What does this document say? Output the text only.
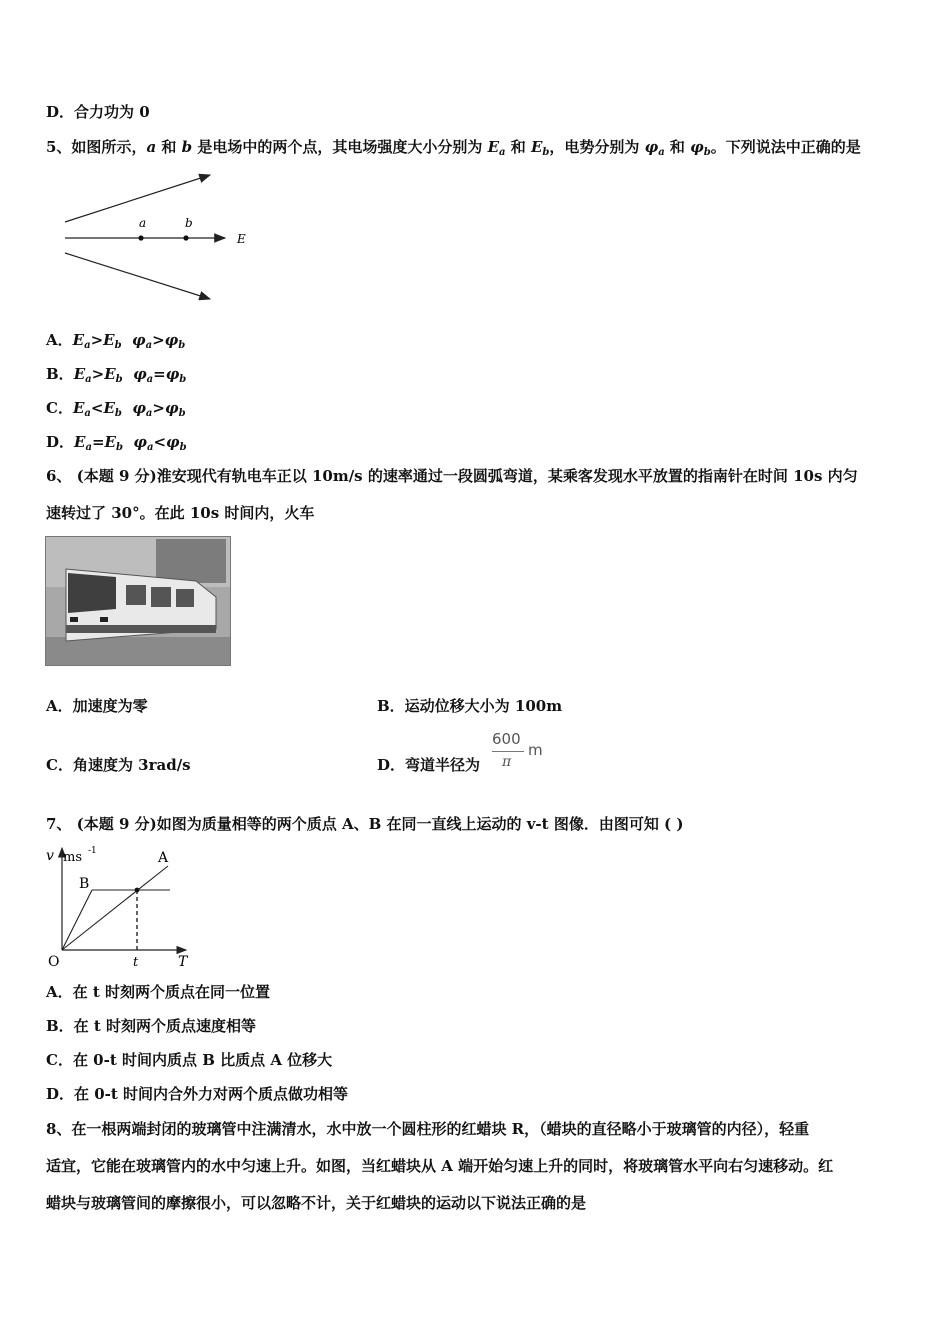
D．合力功为 0
5、如图所示，a 和 b 是电场中的两个点，其电场强度大小分别为 $E_a$ 和 $E_b$，电势分别为 $\varphi_a$ 和 $\varphi_b$。下列说法中正确的是
a	b
E
A．$E_a>E_b$ $\varphi_a>\varphi_b$
B．$E_a>E_b$ $\varphi_a=\varphi_b$
C．$E_a<E_b$ $\varphi_a>\varphi_b$
D．$E_a=E_b$ $\varphi_a<\varphi_b$
6、 (本题 9 分)淮安现代有轨电车正以 10m/s 的速率通过一段圆弧弯道，某乘客发现水平放置的指南针在时间 10s 内匀
速转过了 30°。在此 10s 时间内，火车
A．加速度为零	B．运动位移大小为 100m
C．角速度为 3rad/s	D．弯道半径为
600
π
m
7、 (本题 9 分)如图为质量相等的两个质点 A、B 在同一直线上运动的 v-t 图像．由图可知 ( )
v ms -1	A
B
O	t	T
A．在 t 时刻两个质点在同一位置
B．在 t 时刻两个质点速度相等
C．在 0-t 时间内质点 B 比质点 A 位移大
D．在 0-t 时间内合外力对两个质点做功相等
8、在一根两端封闭的玻璃管中注满清水，水中放一个圆柱形的红蜡块 R，（蜡块的直径略小于玻璃管的内径），轻重
适宜，它能在玻璃管内的水中匀速上升。如图，当红蜡块从 A 端开始匀速上升的同时，将玻璃管水平向右匀速移动。红
蜡块与玻璃管间的摩擦很小，可以忽略不计，关于红蜡块的运动以下说法正确的是
